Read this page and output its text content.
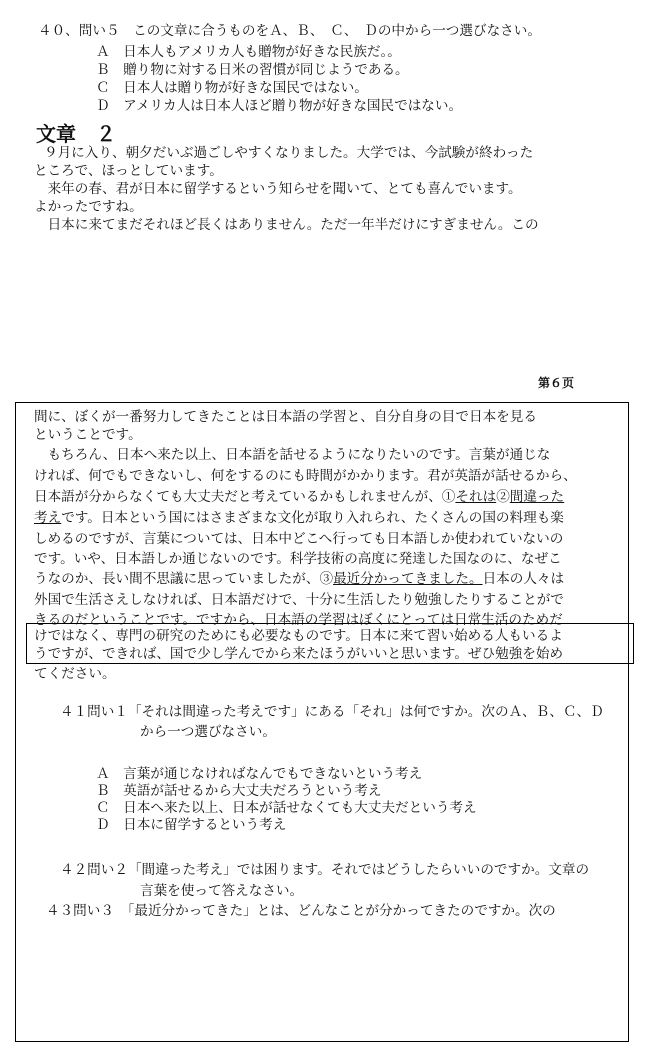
４０、問い５　この文章に合うものをＡ、Ｂ、　Ｃ、　Ｄの中から一つ選びなさい。
Ａ　日本人もアメリカ人も贈物が好きな民族だ。。
Ｂ　贈り物に対する日米の習慣が同じようである。
Ｃ　日本人は贈り物が好きな国民ではない。
Ｄ　アメリカ人は日本人ほど贈り物が好きな国民ではない。
文章　２
９月に入り、朝夕だいぶ過ごしやすくなりました。大学では、今試験が終わった
ところで、ほっとしています。
　来年の春、君が日本に留学するという知らせを聞いて、とても喜んでいます。
よかったですね。
　日本に来てまだそれほど長くはありません。ただ一年半だけにすぎません。この
第６页
間に、ぼくが一番努力してきたことは日本語の学習と、自分自身の目で日本を見る
ということです。
　もちろん、日本へ来た以上、日本語を話せるようになりたいのです。言葉が通じな
ければ、何でもできないし、何をするのにも時間がかかります。君が英語が話せるから、
日本語が分からなくても大丈夫だと考えているかもしれませんが、①それは②間違った
考えです。日本という国にはさまざまな文化が取り入れられ、たくさんの国の料理も楽
しめるのですが、言葉については、日本中どこへ行っても日本語しか使われていないの
です。いや、日本語しか通じないのです。科学技術の高度に発達した国なのに、なぜこ
うなのか、長い間不思議に思っていましたが、③最近分かってきました。日本の人々は
外国で生活さえしなければ、日本語だけで、十分に生活したり勉強したりすることがで
きるのだということです。ですから、日本語の学習はぼくにとっては日常生活のためだ
けではなく、専門の研究のためにも必要なものです。日本に来て習い始める人もいるよ
うですが、できれば、国で少し学んでから来たほうがいいと思います。ぜひ勉強を始め
てください。
４１問い１「それは間違った考えです」にある「それ」は何ですか。次のＡ、Ｂ、Ｃ、Ｄ
から一つ選びなさい。
Ａ　言葉が通じなければなんでもできないという考え
Ｂ　英語が話せるから大丈夫だろうという考え
Ｃ　日本へ来た以上、日本が話せなくても大丈夫だという考え
Ｄ　日本に留学するという考え
４２問い２「間違った考え」では困ります。それではどうしたらいいのですか。文章の
言葉を使って答えなさい。
４３問い３　「最近分かってきた」とは、どんなことが分かってきたのですか。次の
